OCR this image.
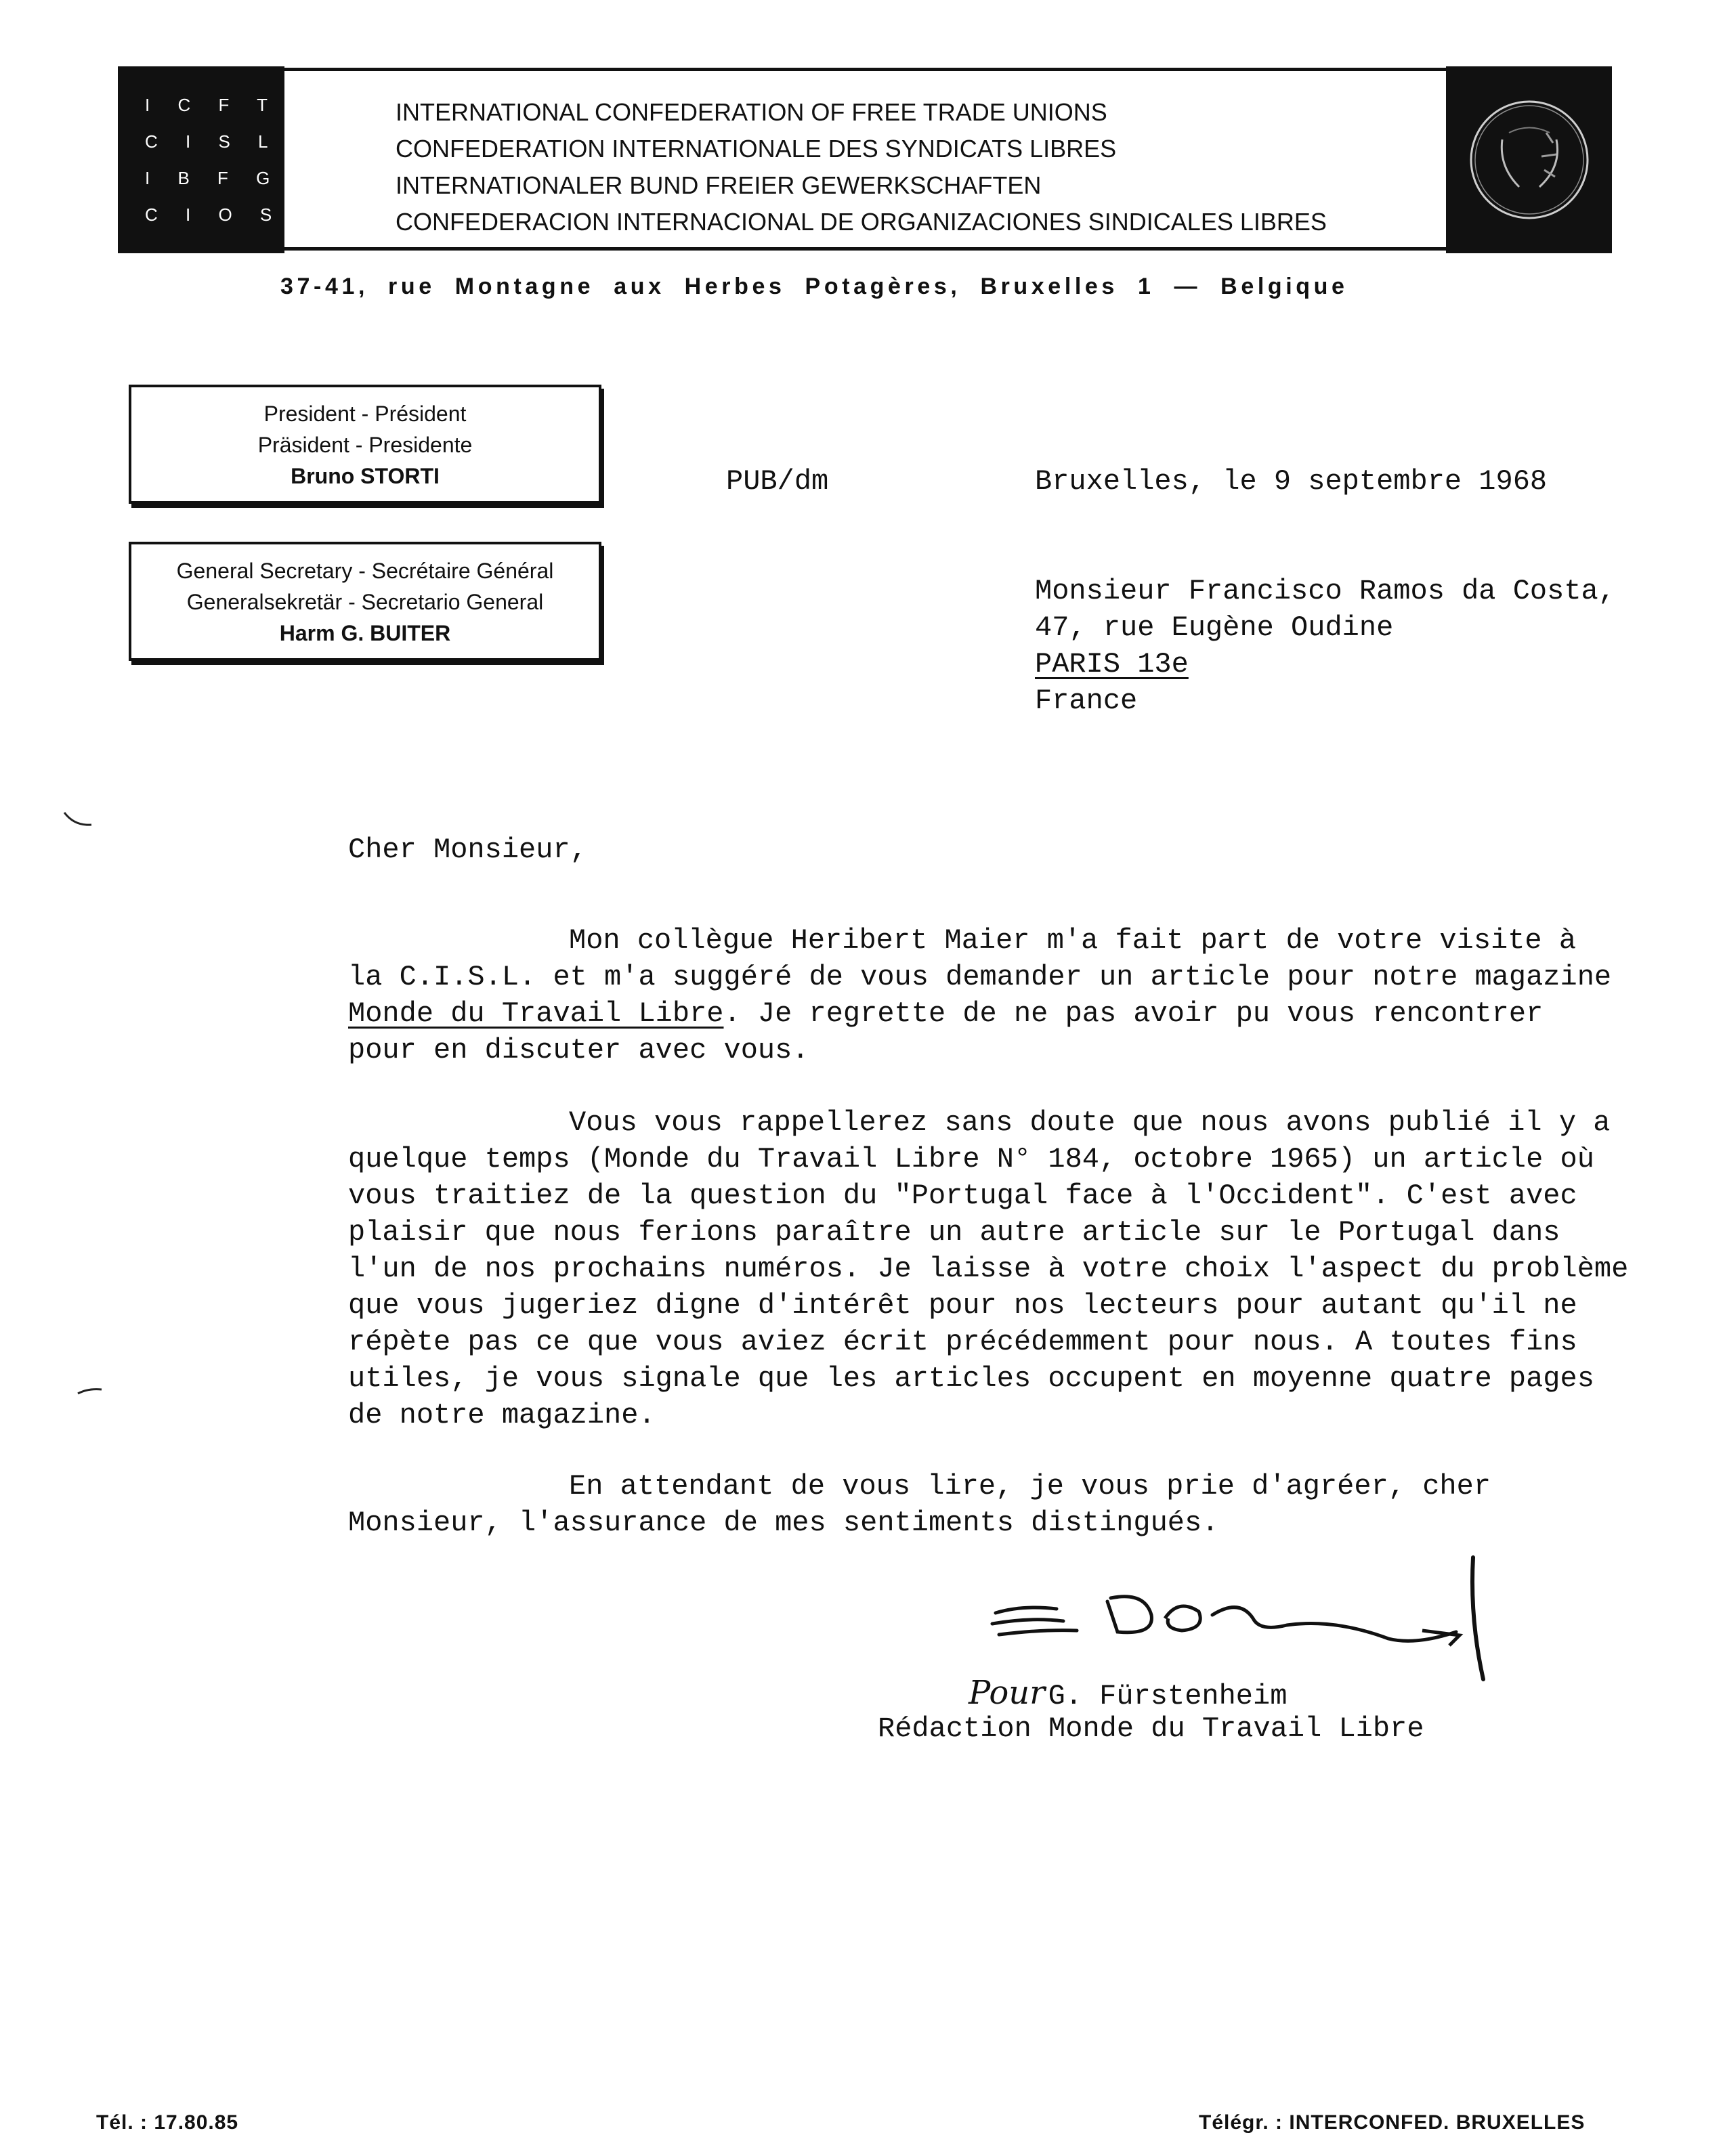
I C F T U
C I S L
I B F G
C I O S L
INTERNATIONAL CONFEDERATION OF FREE TRADE UNIONS
CONFEDERATION INTERNATIONALE DES SYNDICATS LIBRES
INTERNATIONALER BUND FREIER GEWERKSCHAFTEN
CONFEDERACION INTERNACIONAL DE ORGANIZACIONES SINDICALES LIBRES
37-41, rue Montagne aux Herbes Potagères, Bruxelles 1 — Belgique
President - Président
Präsident - Presidente
Bruno STORTI
General Secretary - Secrétaire Général
Generalsekretär - Secretario General
Harm G. BUITER
PUB/dm	Bruxelles, le 9 septembre 1968
Monsieur Francisco Ramos da Costa,
47, rue Eugène Oudine
PARIS 13e
France
Cher Monsieur,
Mon collègue Heribert Maier m'a fait part de votre visite à
la C.I.S.L. et m'a suggéré de vous demander un article pour notre magazine
Monde du Travail Libre. Je regrette de ne pas avoir pu vous rencontrer
pour en discuter avec vous.
Vous vous rappellerez sans doute que nous avons publié il y a
quelque temps (Monde du Travail Libre N° 184, octobre 1965) un article où
vous traitiez de la question du "Portugal face à l'Occident". C'est avec
plaisir que nous ferions paraître un autre article sur le Portugal dans
l'un de nos prochains numéros. Je laisse à votre choix l'aspect du problème
que vous jugeriez digne d'intérêt pour nos lecteurs pour autant qu'il ne
répète pas ce que vous aviez écrit précédemment pour nous. A toutes fins
utiles, je vous signale que les articles occupent en moyenne quatre pages
de notre magazine.
En attendant de vous lire, je vous prie d'agréer, cher
Monsieur, l'assurance de mes sentiments distingués.
Pour G. Fürstenheim
Rédaction Monde du Travail Libre
Tél. : 17.80.85	Télégr. : INTERCONFED. BRUXELLES
